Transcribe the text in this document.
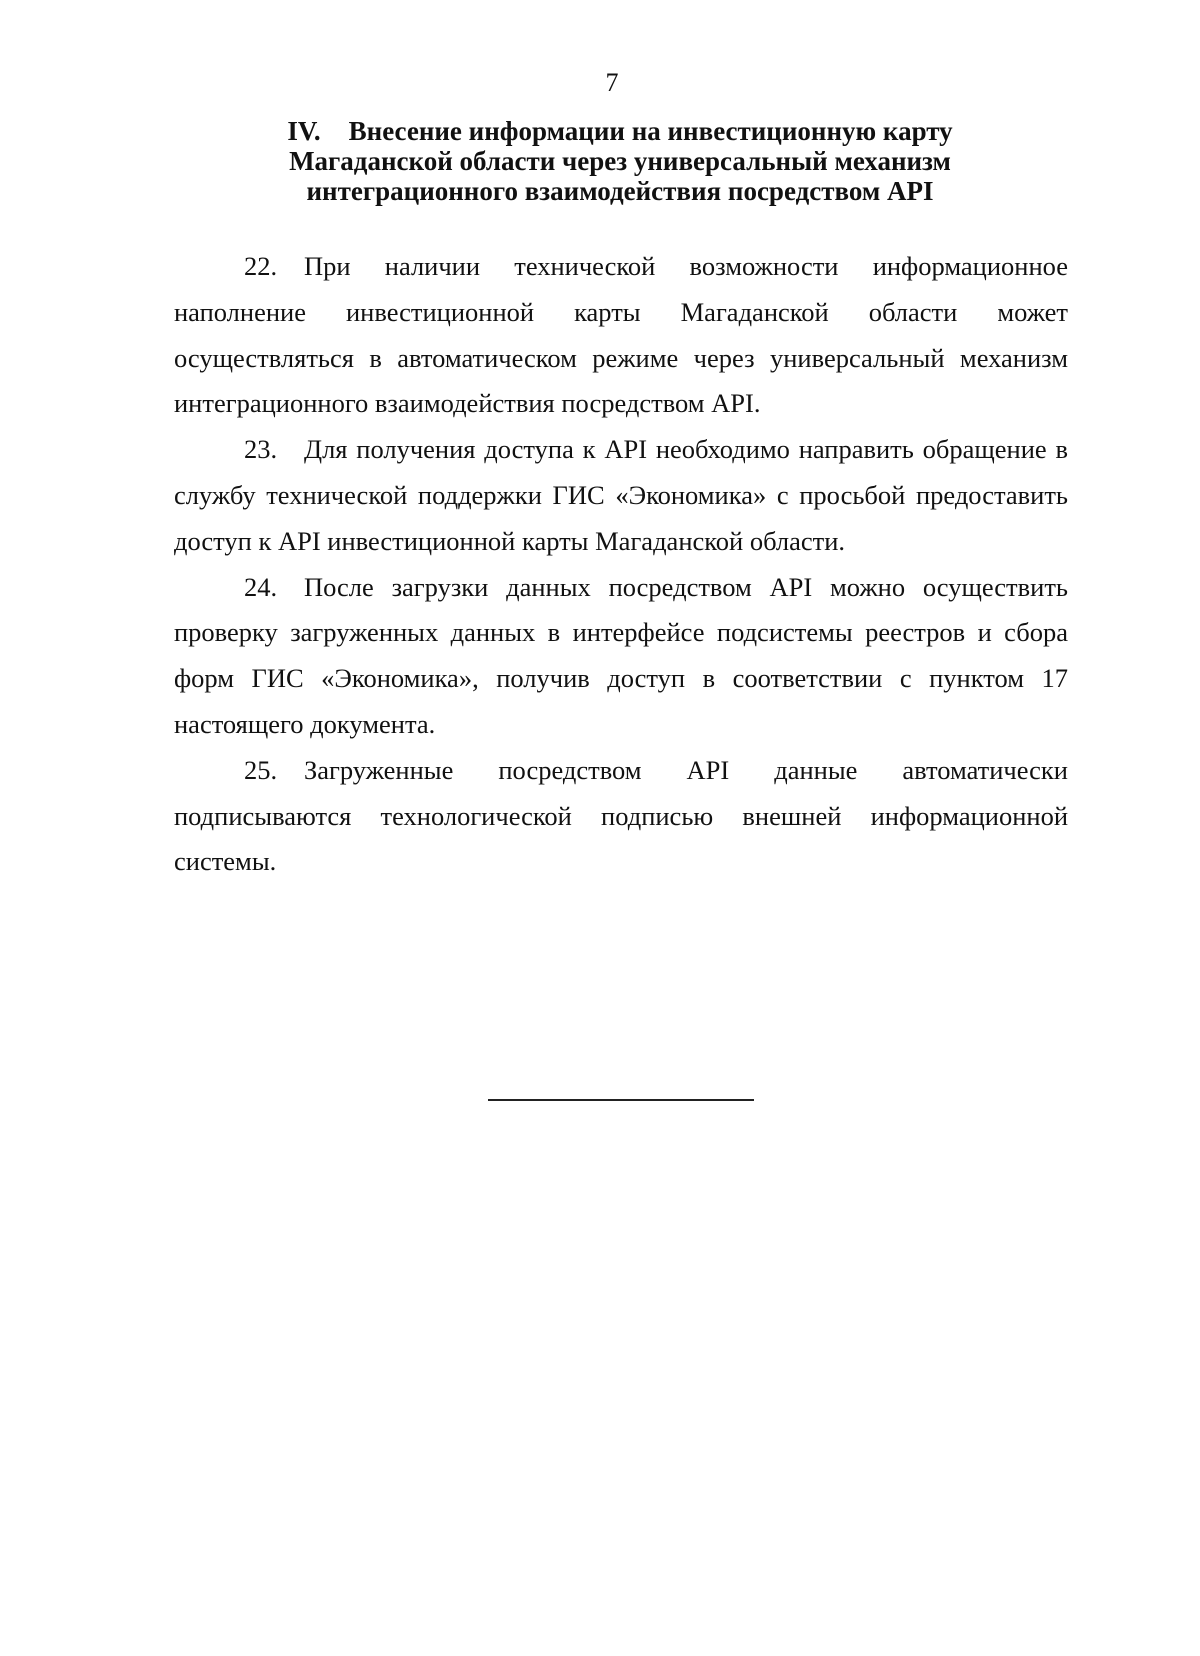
7
IV. Внесение информации на инвестиционную карту
Магаданской области через универсальный механизм
интеграционного взаимодействия посредством API

22. При наличии технической возможности информационное наполнение инвестиционной карты Магаданской области может осуществляться в автоматическом режиме через универсальный механизм интеграционного взаимодействия посредством API.

23. Для получения доступа к API необходимо направить обращение в службу технической поддержки ГИС «Экономика» с просьбой предоставить доступ к API инвестиционной карты Магаданской области.

24. После загрузки данных посредством API можно осуществить проверку загруженных данных в интерфейсе подсистемы реестров и сбора форм ГИС «Экономика», получив доступ в соответствии с пунктом 17 настоящего документа.

25. Загруженные посредством API данные автоматически подписываются технологической подписью внешней информационной системы.
